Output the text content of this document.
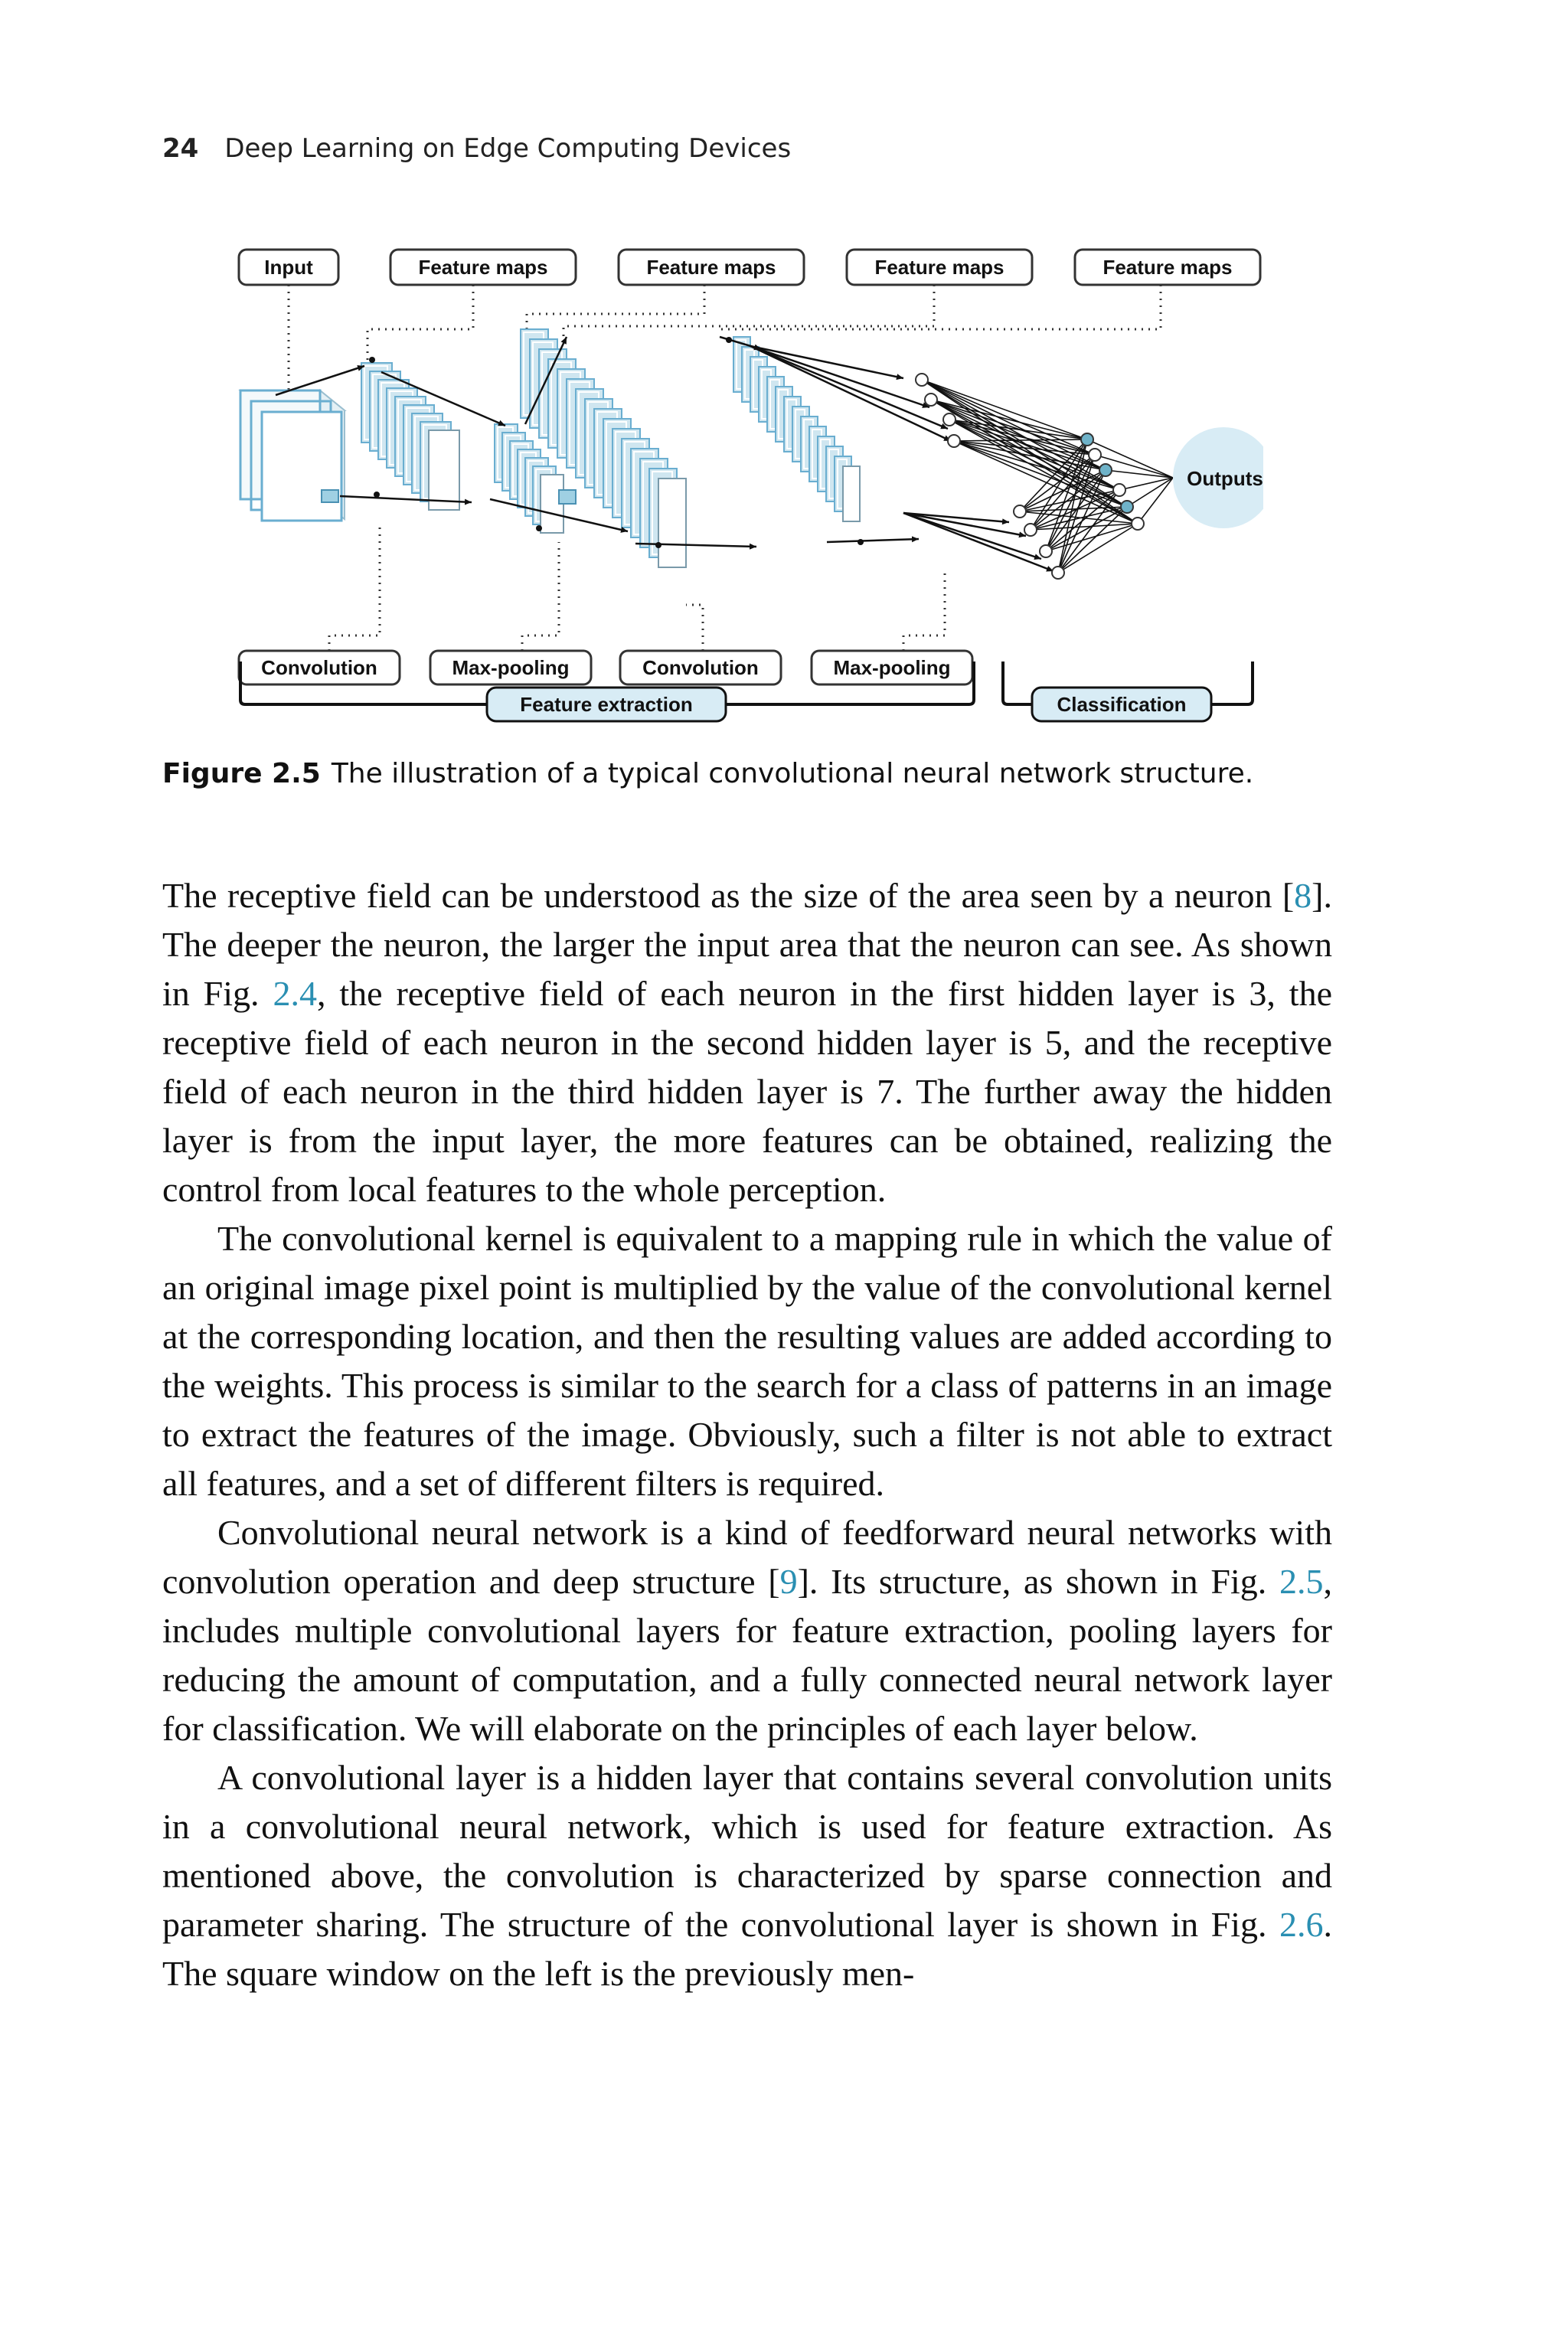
24 Deep Learning on Edge Computing Devices
Input	Feature maps	Feature maps	Feature maps	Feature maps
Outputs
Convolution	Max-pooling	Convolution	Max-pooling
Feature extraction	Classification
Figure 2.5 The illustration of a typical convolutional neural network structure.

The receptive field can be understood as the size of the area seen by a neuron [8]. The deeper the neuron, the larger the input area that the neuron can see. As shown in Fig. 2.4, the receptive field of each neuron in the first hidden layer is 3, the receptive field of each neuron in the second hidden layer is 5, and the receptive field of each neuron in the third hidden layer is 7. The further away the hidden layer is from the input layer, the more features can be obtained, realizing the control from local features to the whole perception.

The convolutional kernel is equivalent to a mapping rule in which the value of an original image pixel point is multiplied by the value of the convolutional kernel at the corresponding location, and then the resulting values are added according to the weights. This process is similar to the search for a class of patterns in an image to extract the features of the image. Obviously, such a filter is not able to extract all features, and a set of different filters is required.

Convolutional neural network is a kind of feedforward neural networks with convolution operation and deep structure [9]. Its structure, as shown in Fig. 2.5, includes multiple convolutional layers for feature extraction, pooling layers for reducing the amount of computation, and a fully connected neural network layer for classification. We will elaborate on the principles of each layer below.

A convolutional layer is a hidden layer that contains several convolution units in a convolutional neural network, which is used for feature extraction. As mentioned above, the convolution is characterized by sparse connection and parameter sharing. The structure of the convolutional layer is shown in Fig. 2.6. The square window on the left is the previously men-
